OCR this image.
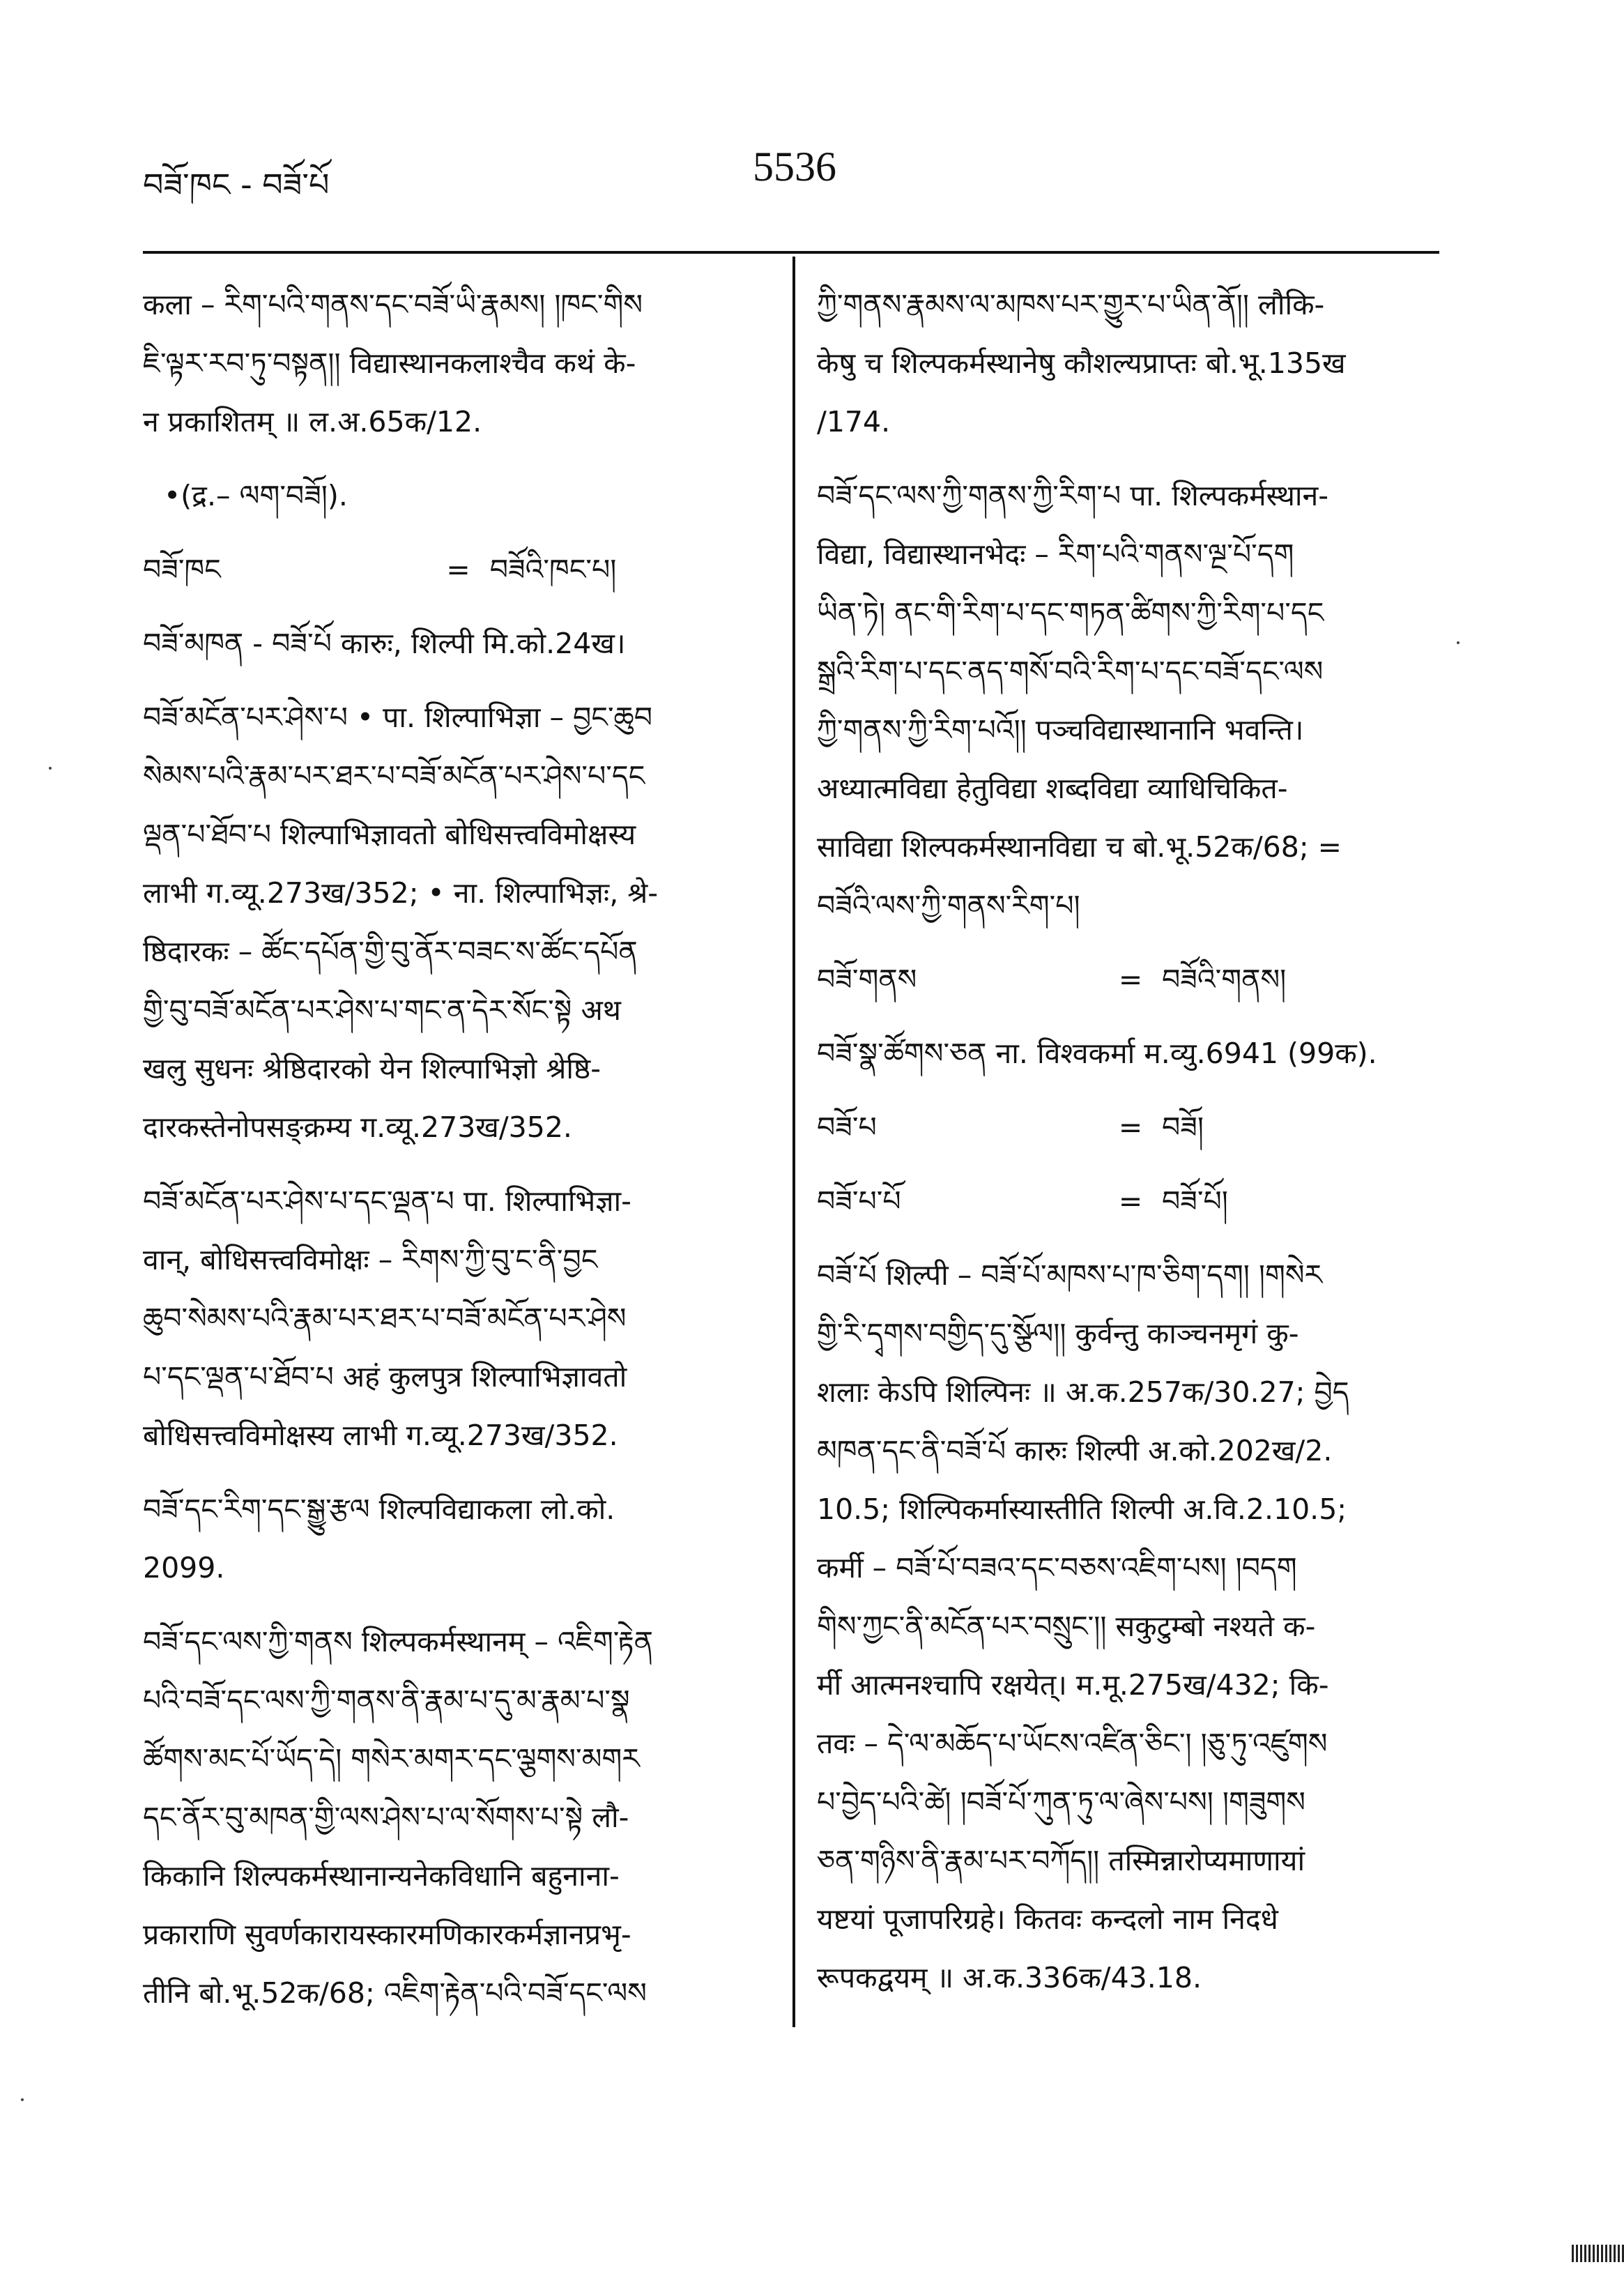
བཟོ་ཁང - བཟོ་པོ	5536
कला – རིག་པའི་གནས་དང་བཟོ་ཡི་རྣམས། །ཁང་གིས
ཇི་ལྟར་རབ་ཏུ་བསྟན།། विद्यास्थानकलाश्चैव कथं के-
न प्रकाशितम् ॥ ल.अ.65क/12.
•(द्र.– ལག་བཟོ།).
བཟོ་ཁང	= བཟོའི་ཁང་པ།
བཟོ་མཁན - བཟོ་པོ कारुः, शिल्पी मि.को.24ख।
བཟོ་མངོན་པར་ཤེས་པ • पा. शिल्पाभिज्ञा – བྱང་ཆུབ
སེམས་པའི་རྣམ་པར་ཐར་པ་བཟོ་མངོན་པར་ཤེས་པ་དང
ལྡན་པ་ཐོབ་པ शिल्पाभिज्ञावतो बोधिसत्त्वविमोक्षस्य
लाभी ग.व्यू.273ख/352; • ना. शिल्पाभिज्ञः, श्रे-
ष्ठिदारकः – ཚོང་དཔོན་གྱི་བུ་ནོར་བཟང་ས་ཚོང་དཔོན
གྱི་བུ་བཟོ་མངོན་པར་ཤེས་པ་གང་ན་དེར་སོང་སྟེ अथ
खलु सुधनः श्रेष्ठिदारको येन शिल्पाभिज्ञो श्रेष्ठि-
दारकस्तेनोपसङ्क्रम्य ग.व्यू.273ख/352.
བཟོ་མངོན་པར་ཤེས་པ་དང་ལྡན་པ पा. शिल्पाभिज्ञा-
वान्, बोधिसत्त्वविमोक्षः – རིགས་ཀྱི་བུ་ང་ནི་བྱང
ཆུབ་སེམས་པའི་རྣམ་པར་ཐར་པ་བཟོ་མངོན་པར་ཤེས
པ་དང་ལྡན་པ་ཐོབ་པ अहं कुलपुत्र शिल्पाभिज्ञावतो
बोधिसत्त्वविमोक्षस्य लाभी ग.व्यू.273ख/352.
བཟོ་དང་རིག་དང་སྒྱུ་རྩལ शिल्पविद्याकला लो.को.
2099.
བཟོ་དང་ལས་ཀྱི་གནས शिल्पकर्मस्थानम् – འཇིག་རྟེན
པའི་བཟོ་དང་ལས་ཀྱི་གནས་ནི་རྣམ་པ་དུ་མ་རྣམ་པ་སྣ
ཚོགས་མང་པོ་ཡོད་དེ། གསེར་མགར་དང་ལྕགས་མགར
དང་ནོར་བུ་མཁན་གྱི་ལས་ཤེས་པ་ལ་སོགས་པ་སྟེ लौ-
किकानि शिल्पकर्मस्थानान्यनेकविधानि बहुनाना-
प्रकाराणि सुवर्णकारायस्कारमणिकारकर्मज्ञानप्रभृ-
तीनि बो.भू.52क/68; འཇིག་རྟེན་པའི་བཟོ་དང་ལས
ཀྱི་གནས་རྣམས་ལ་མཁས་པར་གྱུར་པ་ཡིན་ནོ།། लौकि-
केषु च शिल्पकर्मस्थानेषु कौशल्यप्राप्तः बो.भू.135ख
/174.
བཟོ་དང་ལས་ཀྱི་གནས་ཀྱི་རིག་པ पा. शिल्पकर्मस्थान-
विद्या, विद्यास्थानभेदः – རིག་པའི་གནས་ལྔ་པོ་དག
ཡིན་ཏེ། ནང་གི་རིག་པ་དང་གཏན་ཚིགས་ཀྱི་རིག་པ་དང
སྒྲའི་རིག་པ་དང་ནད་གསོ་བའི་རིག་པ་དང་བཟོ་དང་ལས
ཀྱི་གནས་ཀྱི་རིག་པའོ།། पञ्चविद्यास्थानानि भवन्ति।
अध्यात्मविद्या हेतुविद्या शब्दविद्या व्याधिचिकित-
साविद्या शिल्पकर्मस्थानविद्या च बो.भू.52क/68; =
བཟོའི་ལས་ཀྱི་གནས་རིག་པ།
བཟོ་གནས	= བཟོའི་གནས།
བཟོ་སྣ་ཚོགས་ཅན ना. विश्वकर्मा म.व्यु.6941 (99क).
བཟོ་པ	= བཟོ།
བཟོ་པ་པོ	= བཟོ་པོ།
བཟོ་པོ शिल्पी – བཟོ་པོ་མཁས་པ་ཁ་ཅིག་དག། །གསེར
གྱི་རི་དྭགས་བགྱིད་དུ་སྩོལ།། कुर्वन्तु काञ्चनमृगं कु-
शलाः केऽपि शिल्पिनः ॥ अ.क.257क/30.27; བྱེད
མཁན་དང་ནི་བཟོ་པོ कारुः शिल्पी अ.को.202ख/2.
10.5; शिल्पिकर्मास्यास्तीति शिल्पी अ.वि.2.10.5;
कर्मी – བཟོ་པོ་བཟའ་དང་བཅས་འཇིག་པས། །བདག
གིས་ཀྱང་ནི་མངོན་པར་བསྲུང་།། सकुटुम्बो नश्यते क-
र्मी आत्मनश्चापि रक्षयेत्। म.मू.275ख/432; कि-
तवः – དེ་ལ་མཆོད་པ་ཡོངས་འཛིན་ཅིང་། །ཅུ་ཏུ་འཛུགས
པ་བྱེད་པའི་ཚེ། །བཟོ་པོ་ཀུན་ཏུ་ལ་ཞེས་པས། །གཟུགས
ཅན་གཉིས་ནི་རྣམ་པར་བཀོད།། तस्मिन्नारोप्यमाणायां
यष्टयां पूजापरिग्रहे। कितवः कन्दलो नाम निदधे
रूपकद्वयम् ॥ अ.क.336क/43.18.
